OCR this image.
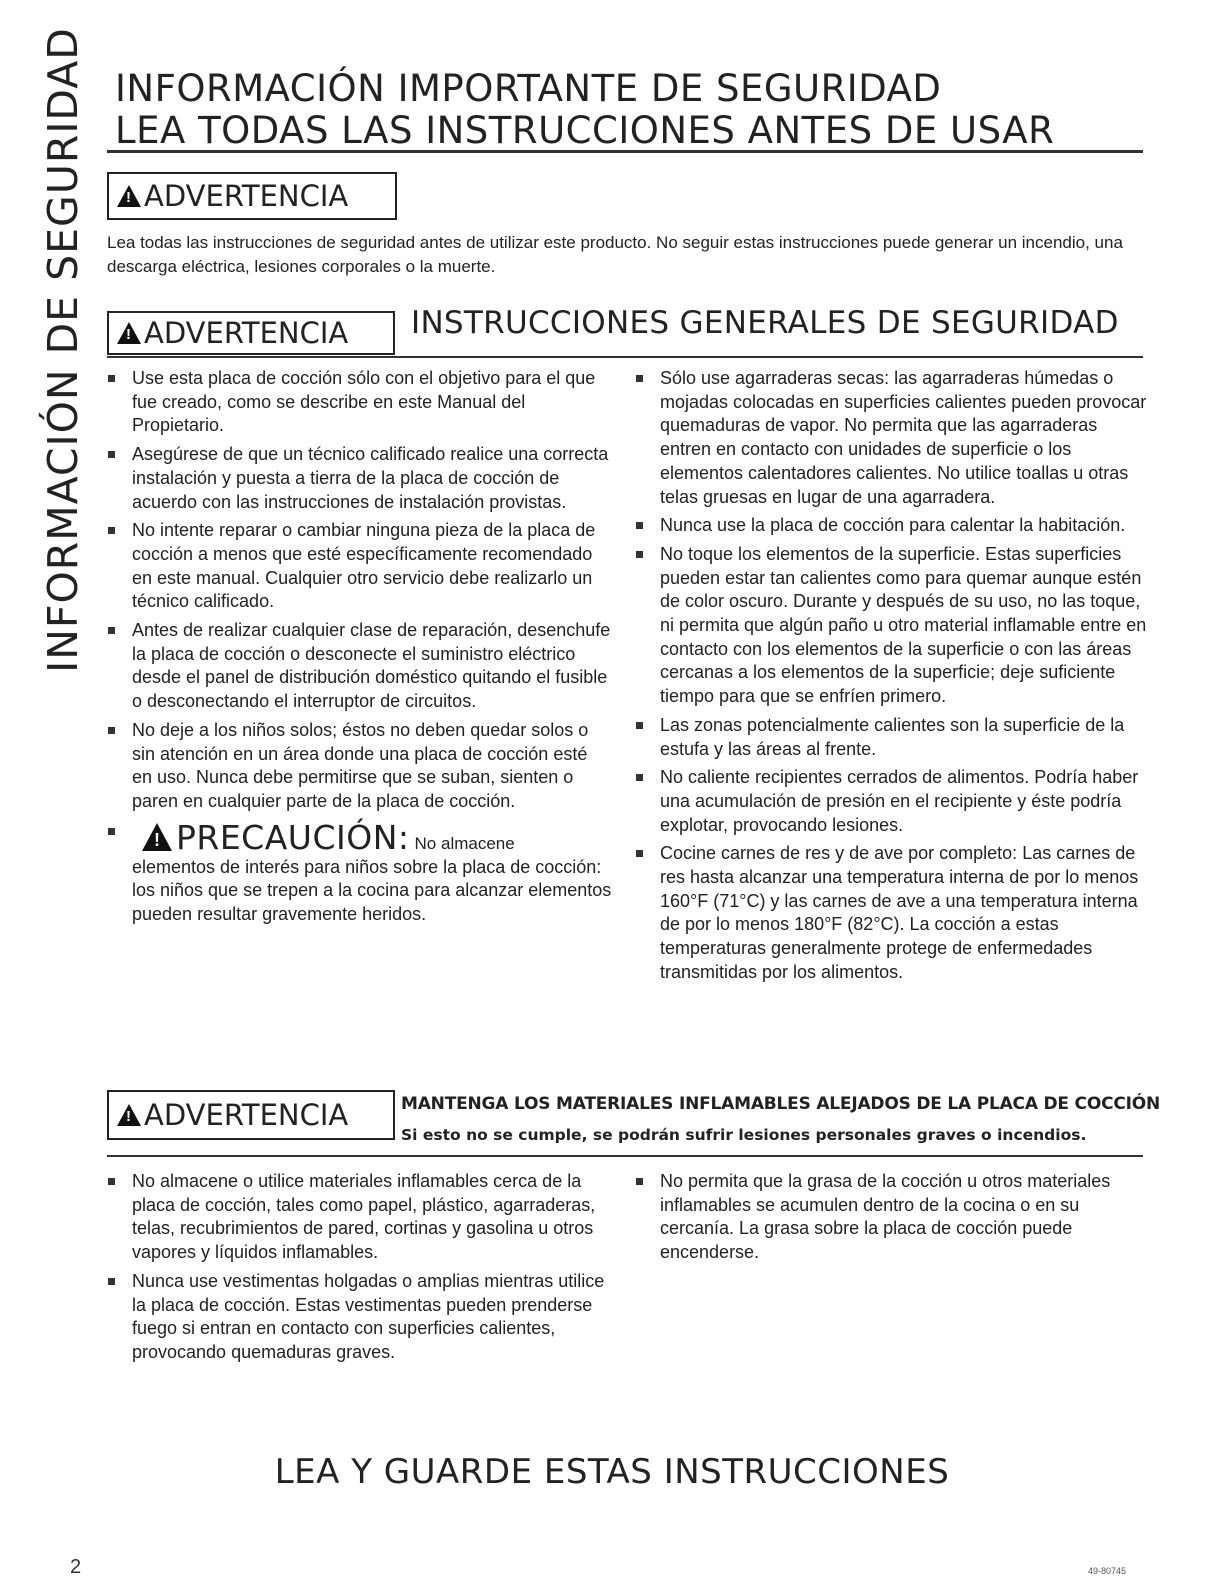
INFORMACIÓN DE SEGURIDAD INFORMACIÓN IMPORTANTE DE SEGURIDAD
LEA TODAS LAS INSTRUCCIONES ANTES DE USAR
!
ADVERTENCIA
Lea todas las instrucciones de seguridad antes de utilizar este producto. No seguir estas instrucciones puede generar un incendio, una descarga eléctrica, lesiones corporales o la muerte.
!
ADVERTENCIA INSTRUCCIONES GENERALES DE SEGURIDAD
Use esta placa de cocción sólo con el objetivo para el que fue creado, como se describe en este Manual del Propietario.
Asegúrese de que un técnico calificado realice una correcta instalación y puesta a tierra de la placa de cocción de acuerdo con las instrucciones de instalación provistas.
No intente reparar o cambiar ninguna pieza de la placa de cocción a menos que esté específicamente recomendado en este manual. Cualquier otro servicio debe realizarlo un técnico calificado.
Antes de realizar cualquier clase de reparación, desenchufe la placa de cocción o desconecte el suministro eléctrico desde el panel de distribución doméstico quitando el fusible o desconectando el interruptor de circuitos.
No deje a los niños solos; éstos no deben quedar solos o sin atención en un área donde una placa de cocción esté en uso. Nunca debe permitirse que se suban, sienten o paren en cualquier parte de la placa de cocción.
!PRECAUCIÓN: No almacene
elementos de interés para niños sobre la placa de cocción: los niños que se trepen a la cocina para alcanzar elementos pueden resultar gravemente heridos.
Sólo use agarraderas secas: las agarraderas húmedas o mojadas colocadas en superficies calientes pueden provocar quemaduras de vapor. No permita que las agarraderas entren en contacto con unidades de superficie o los elementos calentadores calientes. No utilice toallas u otras telas gruesas en lugar de una agarradera.
Nunca use la placa de cocción para calentar la habitación.
No toque los elementos de la superficie. Estas superficies pueden estar tan calientes como para quemar aunque estén de color oscuro. Durante y después de su uso, no las toque, ni permita que algún paño u otro material inflamable entre en contacto con los elementos de la superficie o con las áreas cercanas a los elementos de la superficie; deje suficiente tiempo para que se enfríen primero.
Las zonas potencialmente calientes son la superficie de la estufa y las áreas al frente.
No caliente recipientes cerrados de alimentos. Podría haber una acumulación de presión en el recipiente y éste podría explotar, provocando lesiones.
Cocine carnes de res y de ave por completo: Las carnes de res hasta alcanzar una temperatura interna de por lo menos 160°F (71°C) y las carnes de ave a una temperatura interna de por lo menos 180°F (82°C). La cocción a estas temperaturas generalmente protege de enfermedades transmitidas por los alimentos.
!
ADVERTENCIA	MANTENGA LOS MATERIALES INFLAMABLES ALEJADOS DE LA PLACA DE COCCIÓN
Si esto no se cumple, se podrán sufrir lesiones personales graves o incendios.
No almacene o utilice materiales inflamables cerca de la placa de cocción, tales como papel, plástico, agarraderas, telas, recubrimientos de pared, cortinas y gasolina u otros vapores y líquidos inflamables.
Nunca use vestimentas holgadas o amplias mientras utilice la placa de cocción. Estas vestimentas pueden prenderse fuego si entran en contacto con superficies calientes, provocando quemaduras graves.
No permita que la grasa de la cocción u otros materiales inflamables se acumulen dentro de la cocina o en su cercanía. La grasa sobre la placa de cocción puede encenderse.
LEA Y GUARDE ESTAS INSTRUCCIONES
2	49-80745
